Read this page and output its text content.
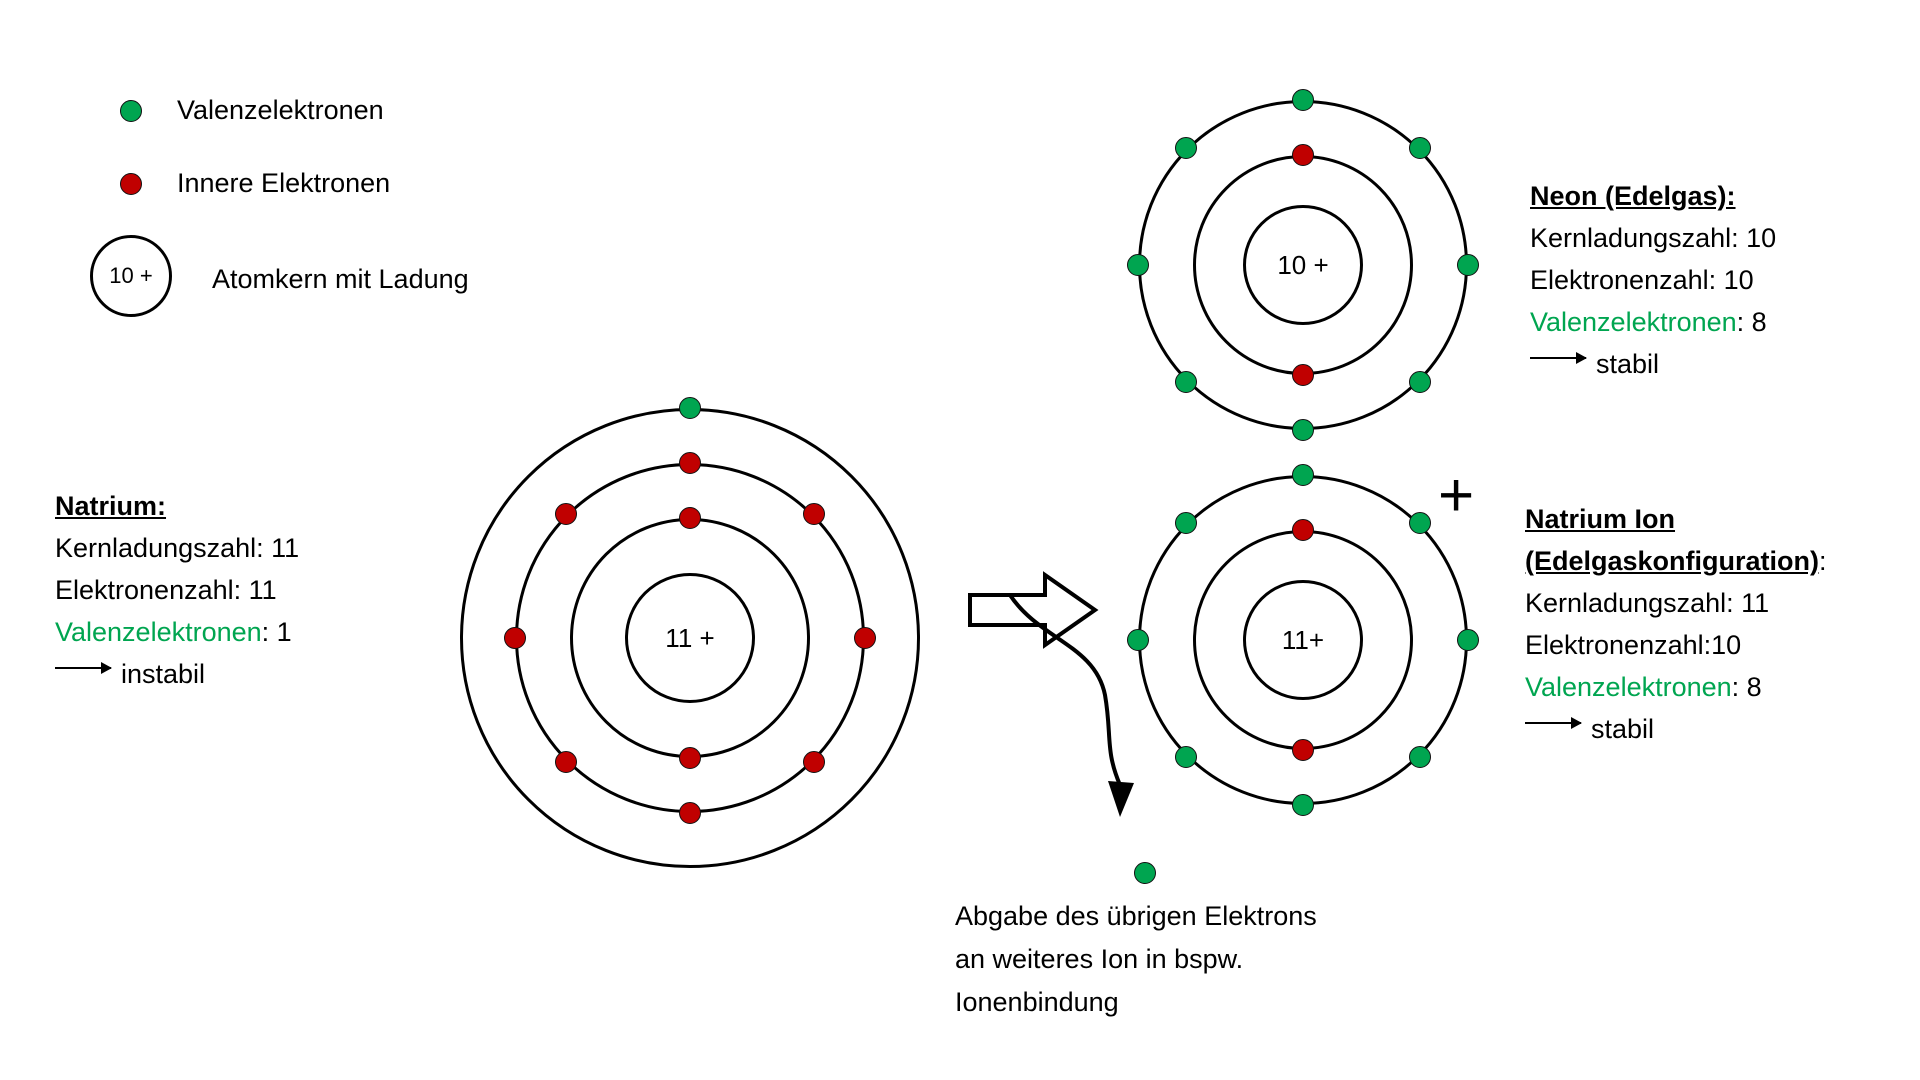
Valenzelektronen
Innere Elektronen
10 + Atomkern mit Ladung
11 +
10 +
11+
+
Natrium:
Kernladungszahl: 11
Elektronenzahl: 11
Valenzelektronen: 1
instabil
Neon (Edelgas):
Kernladungszahl: 10
Elektronenzahl: 10
Valenzelektronen: 8
stabil
Natrium Ion
(Edelgaskonfiguration):
Kernladungszahl: 11
Elektronenzahl:10
Valenzelektronen: 8
stabil
Abgabe des übrigen Elektrons
an weiteres Ion in bspw.
Ionenbindung
